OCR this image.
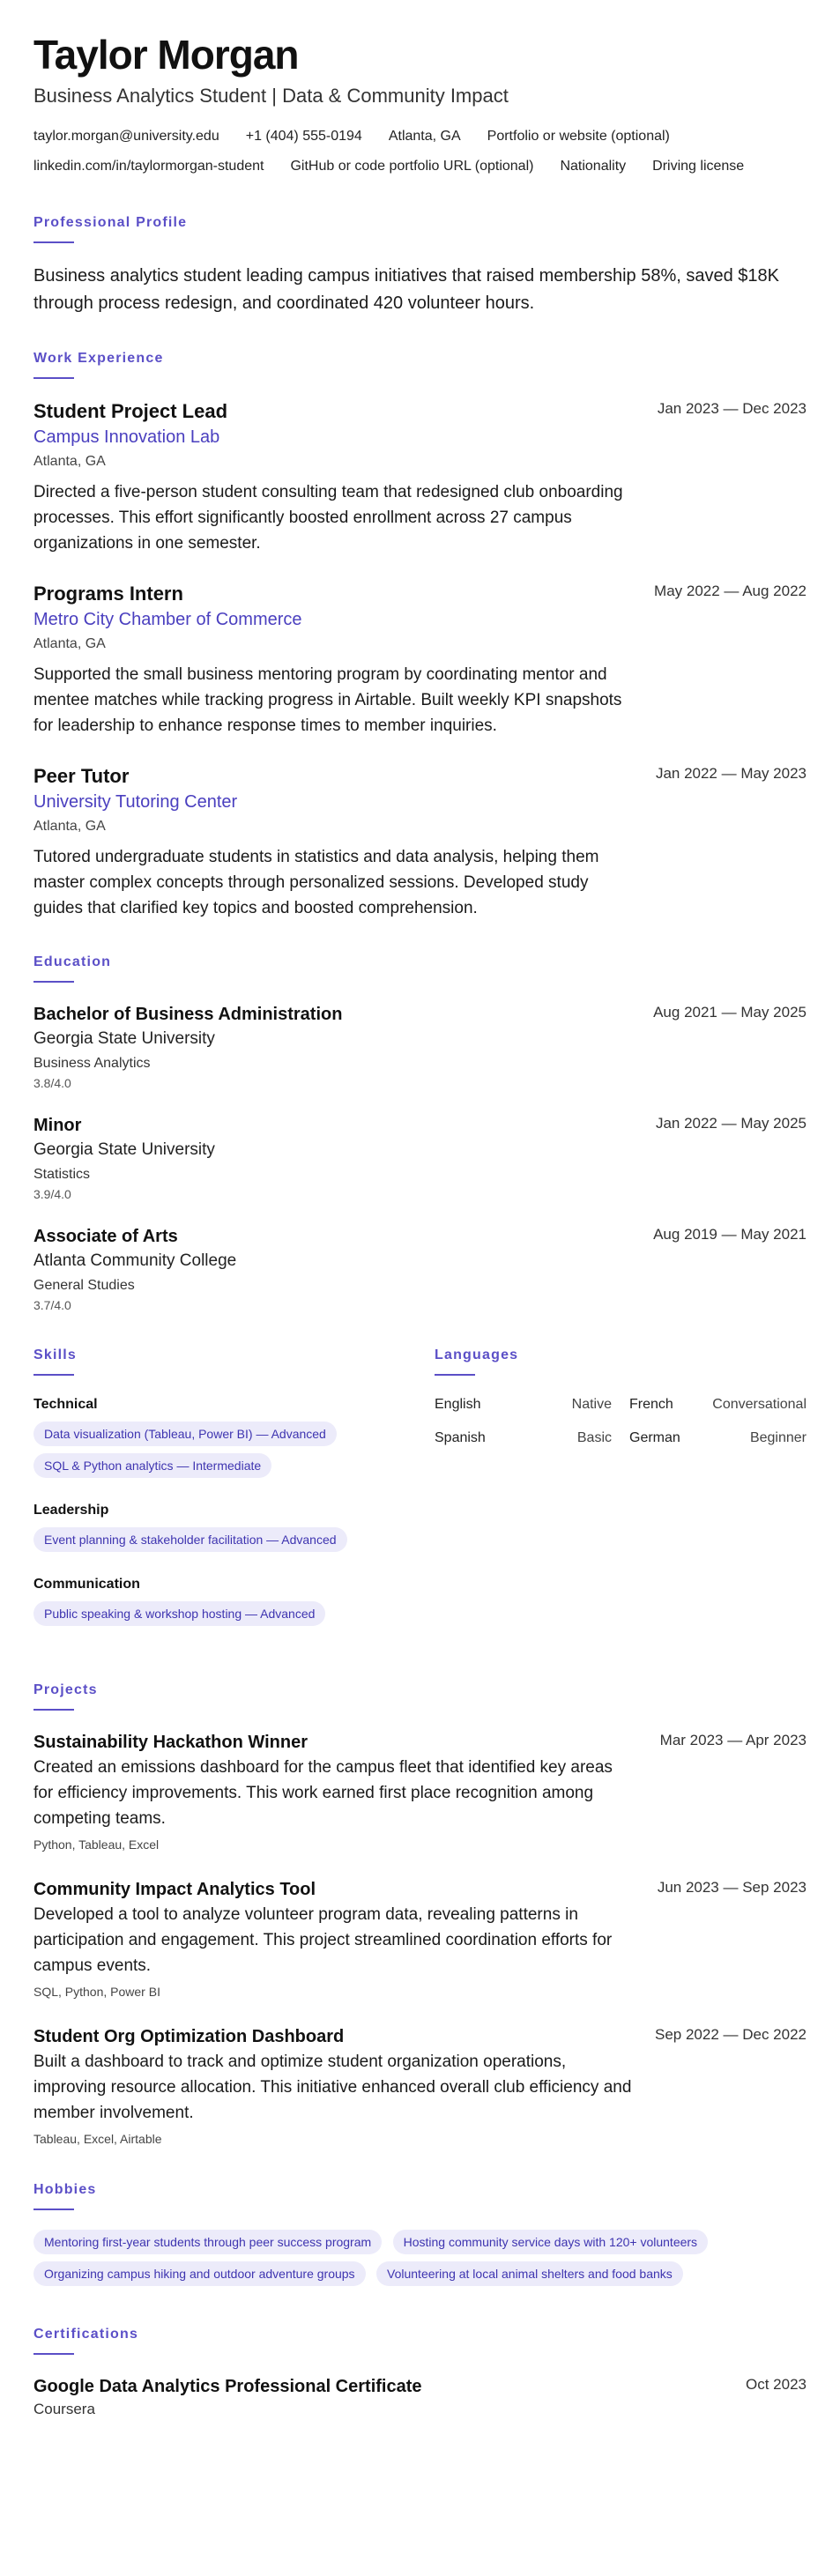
Taylor Morgan
Business Analytics Student | Data & Community Impact
taylor.morgan@university.edu +1 (404) 555-0194 Atlanta, GA Portfolio or website (optional)
linkedin.com/in/taylormorgan-student GitHub or code portfolio URL (optional) Nationality Driving license
Professional Profile
Business analytics student leading campus initiatives that raised membership 58%, saved $18K through process redesign, and coordinated 420 volunteer hours.
Work Experience
Student Project Lead	Jan 2023 — Dec 2023
Campus Innovation Lab
Atlanta, GA
Directed a five-person student consulting team that redesigned club onboarding processes. This effort significantly boosted enrollment across 27 campus organizations in one semester.
Programs Intern	May 2022 — Aug 2022
Metro City Chamber of Commerce
Atlanta, GA
Supported the small business mentoring program by coordinating mentor and mentee matches while tracking progress in Airtable. Built weekly KPI snapshots for leadership to enhance response times to member inquiries.
Peer Tutor	Jan 2022 — May 2023
University Tutoring Center
Atlanta, GA
Tutored undergraduate students in statistics and data analysis, helping them master complex concepts through personalized sessions. Developed study guides that clarified key topics and boosted comprehension.
Education
Bachelor of Business Administration	Aug 2021 — May 2025
Georgia State University
Business Analytics
3.8/4.0
Minor	Jan 2022 — May 2025
Georgia State University
Statistics
3.9/4.0
Associate of Arts	Aug 2019 — May 2021
Atlanta Community College
General Studies
3.7/4.0
Skills
Technical
Data visualization (Tableau, Power BI) — Advanced
SQL & Python analytics — Intermediate
Leadership
Event planning & stakeholder facilitation — Advanced
Communication
Public speaking & workshop hosting — Advanced
Languages
English	Native French	Conversational
Spanish	Basic German	Beginner
Projects
Sustainability Hackathon Winner	Mar 2023 — Apr 2023
Created an emissions dashboard for the campus fleet that identified key areas for efficiency improvements. This work earned first place recognition among competing teams.
Python, Tableau, Excel
Community Impact Analytics Tool	Jun 2023 — Sep 2023
Developed a tool to analyze volunteer program data, revealing patterns in participation and engagement. This project streamlined coordination efforts for campus events.
SQL, Python, Power BI
Student Org Optimization Dashboard	Sep 2022 — Dec 2022
Built a dashboard to track and optimize student organization operations, improving resource allocation. This initiative enhanced overall club efficiency and member involvement.
Tableau, Excel, Airtable
Hobbies
Mentoring first-year students through peer success program	Hosting community service days with 120+ volunteers Organizing campus hiking and outdoor adventure groups	Volunteering at local animal shelters and food banks
Certifications
Google Data Analytics Professional Certificate	Oct 2023
Coursera
